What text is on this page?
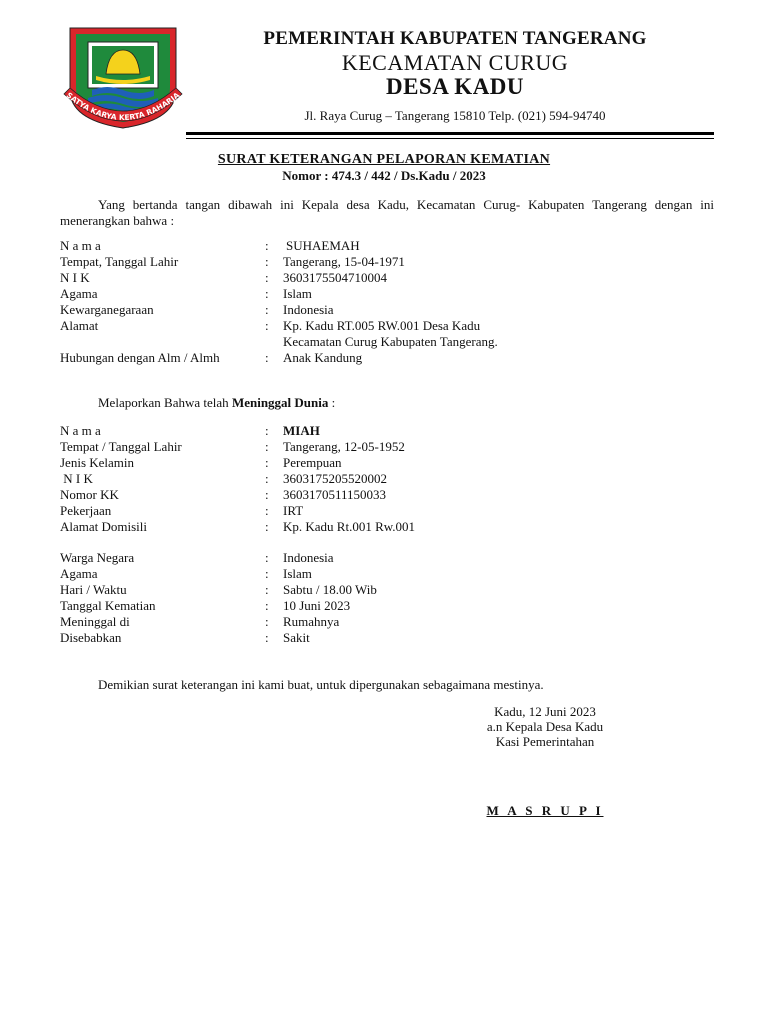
SATYA KARYA KERTA RAHARJA
PEMERINTAH KABUPATEN TANGERANG
KECAMATAN CURUG
DESA KADU
Jl. Raya Curug – Tangerang 15810 Telp. (021) 594-94740
SURAT KETERANGAN PELAPORAN KEMATIAN
Nomor : 474.3 / 442 / Ds.Kadu / 2023
Yang bertanda tangan dibawah ini Kepala desa Kadu, Kecamatan Curug- Kabupaten Tangerang dengan ini menerangkan bahwa :
N a m a	: SUHAEMAH
Tempat, Tanggal Lahir	: Tangerang, 15-04-1971
N I K	: 3603175504710004
Agama	: Islam
Kewarganegaraan	: Indonesia
Alamat	: Kp. Kadu RT.005 RW.001 Desa Kadu
Kecamatan Curug Kabupaten Tangerang.
Hubungan dengan Alm / Almh	: Anak Kandung
Melaporkan Bahwa telah Meninggal Dunia :
N a m a	: MIAH
Tempat / Tanggal Lahir	: Tangerang, 12-05-1952
Jenis Kelamin	: Perempuan
N I K	: 3603175205520002
Nomor KK	: 3603170511150033
Pekerjaan	: IRT
Alamat Domisili	: Kp. Kadu Rt.001 Rw.001
Warga Negara	: Indonesia
Agama	: Islam
Hari / Waktu	: Sabtu / 18.00 Wib
Tanggal Kematian	: 10 Juni 2023
Meninggal di	: Rumahnya
Disebabkan	: Sakit
Demikian surat keterangan ini kami buat, untuk dipergunakan sebagaimana mestinya.
Kadu, 12 Juni 2023
a.n Kepala Desa Kadu
Kasi Pemerintahan
M A S R U P I
